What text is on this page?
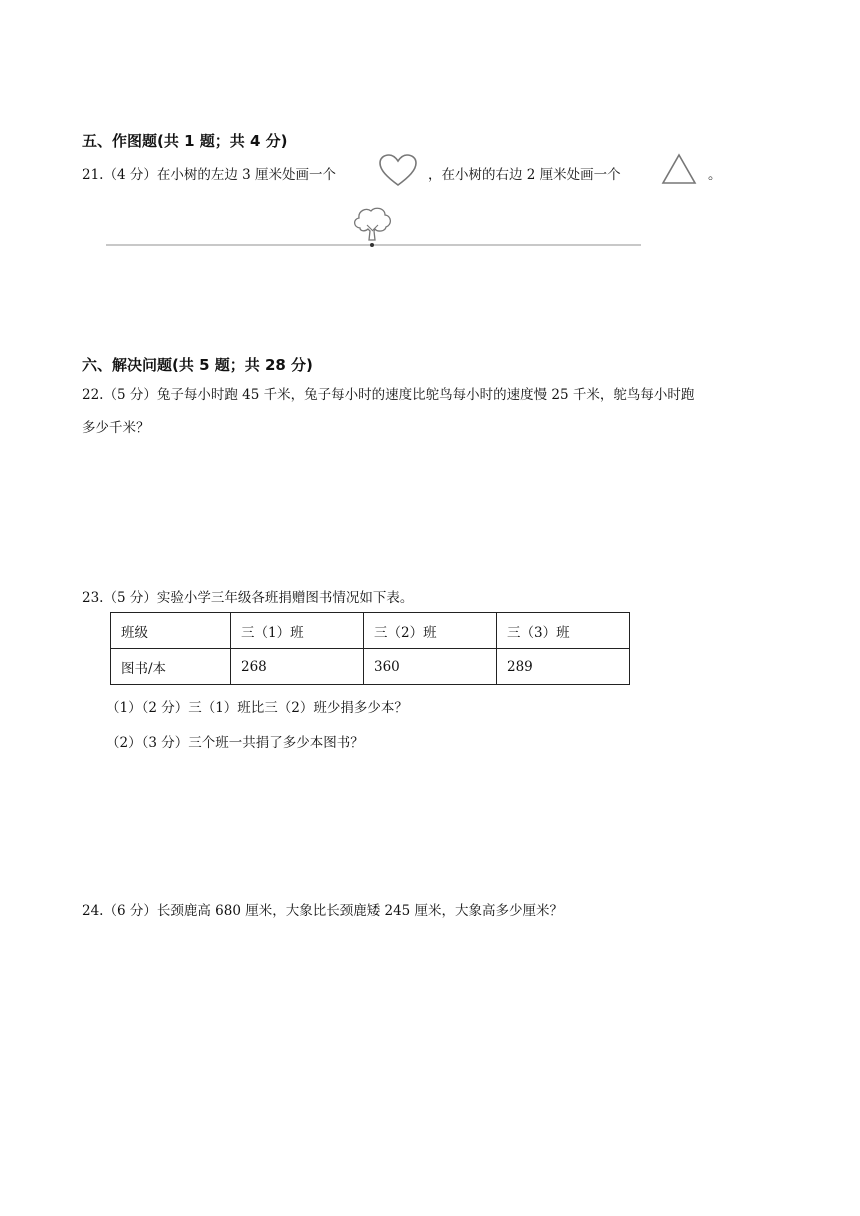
五、作图题(共 1 题；共 4 分)
21.（4 分）在小树的左边 3 厘米处画一个	，在小树的右边 2 厘米处画一个	。
六、解决问题(共 5 题；共 28 分)
22.（5 分）兔子每小时跑 45 千米，兔子每小时的速度比鸵鸟每小时的速度慢 25 千米，鸵鸟每小时跑
多少千米？
23.（5 分）实验小学三年级各班捐赠图书情况如下表。
班级	三（1）班	三（2）班	三（3）班
图书/本	268	360	289
（1）（2 分）三（1）班比三（2）班少捐多少本？
（2）（3 分）三个班一共捐了多少本图书？
24.（6 分）长颈鹿高 680 厘米，大象比长颈鹿矮 245 厘米，大象高多少厘米？
